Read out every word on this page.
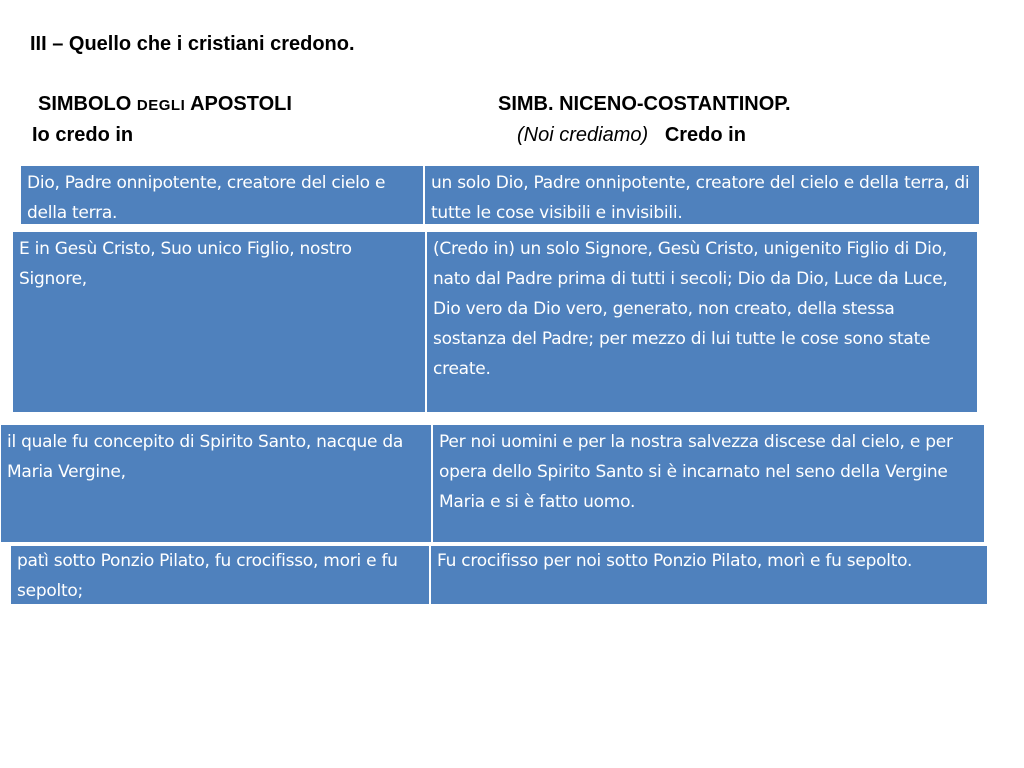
III – Quello che i cristiani credono.
SIMBOLO DEGLI APOSTOLI
Io credo in
SIMB. NICENO-COSTANTINOP.
(Noi crediamo) Credo in
Dio, Padre onnipotente, creatore del cielo e della terra.
un solo Dio, Padre onnipotente, creatore del cielo e della terra, di tutte le cose visibili e invisibili.
E in Gesù Cristo, Suo unico Figlio, nostro Signore,
(Credo in) un solo Signore, Gesù Cristo, unigenito Figlio di Dio, nato dal Padre prima di tutti i secoli; Dio da Dio, Luce da Luce, Dio vero da Dio vero, generato, non creato, della stessa sostanza del Padre; per mezzo di lui tutte le cose sono state create.
il quale fu concepito di Spirito Santo, nacque da Maria Vergine,
Per noi uomini e per la nostra salvezza discese dal cielo, e per opera dello Spirito Santo si è incarnato nel seno della Vergine Maria e si è fatto uomo.
patì sotto Ponzio Pilato, fu crocifisso, mori e fu sepolto;
Fu crocifisso per noi sotto Ponzio Pilato, morì e fu sepolto.
